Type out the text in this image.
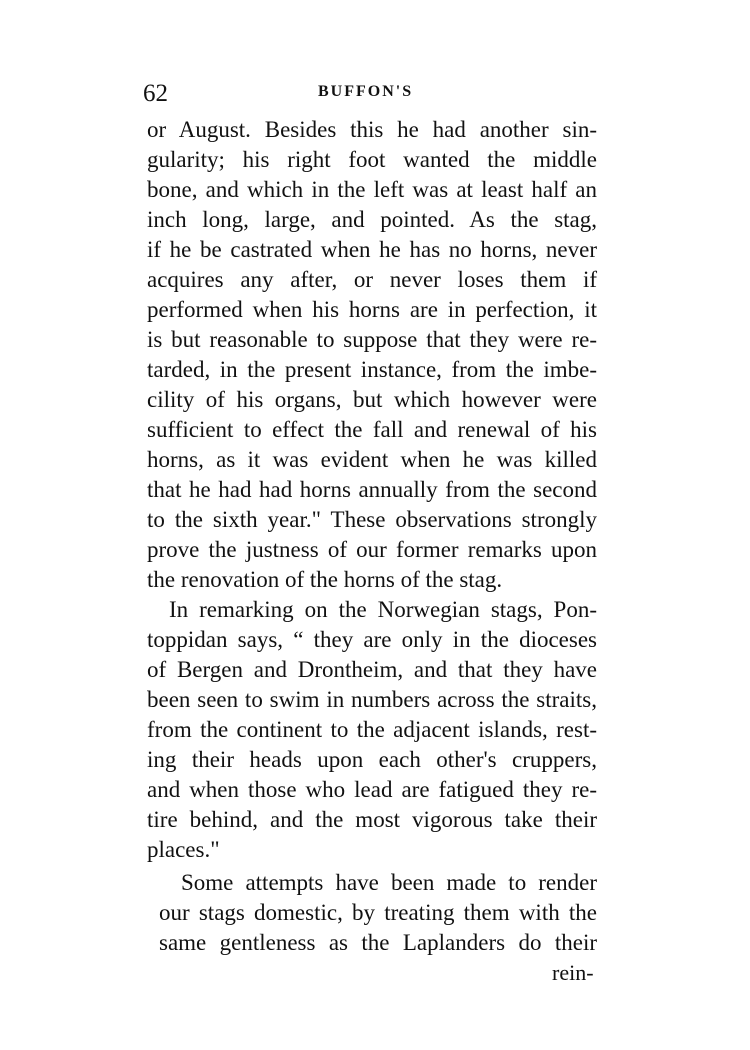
62	BUFFON'S
or August. Besides this he had another sin-
gularity; his right foot wanted the middle
bone, and which in the left was at least half an
inch long, large, and pointed. As the stag,
if he be castrated when he has no horns, never
acquires any after, or never loses them if
performed when his horns are in perfection, it
is but reasonable to suppose that they were re-
tarded, in the present instance, from the imbe-
cility of his organs, but which however were
sufficient to effect the fall and renewal of his
horns, as it was evident when he was killed
that he had had horns annually from the second
to the sixth year." These observations strongly
prove the justness of our former remarks upon
the renovation of the horns of the stag.
In remarking on the Norwegian stags, Pon-
toppidan says, “ they are only in the dioceses
of Bergen and Drontheim, and that they have
been seen to swim in numbers across the straits,
from the continent to the adjacent islands, rest-
ing their heads upon each other's cruppers,
and when those who lead are fatigued they re-
tire behind, and the most vigorous take their
places."
Some attempts have been made to render
our stags domestic, by treating them with the
same gentleness as the Laplanders do their
rein-
